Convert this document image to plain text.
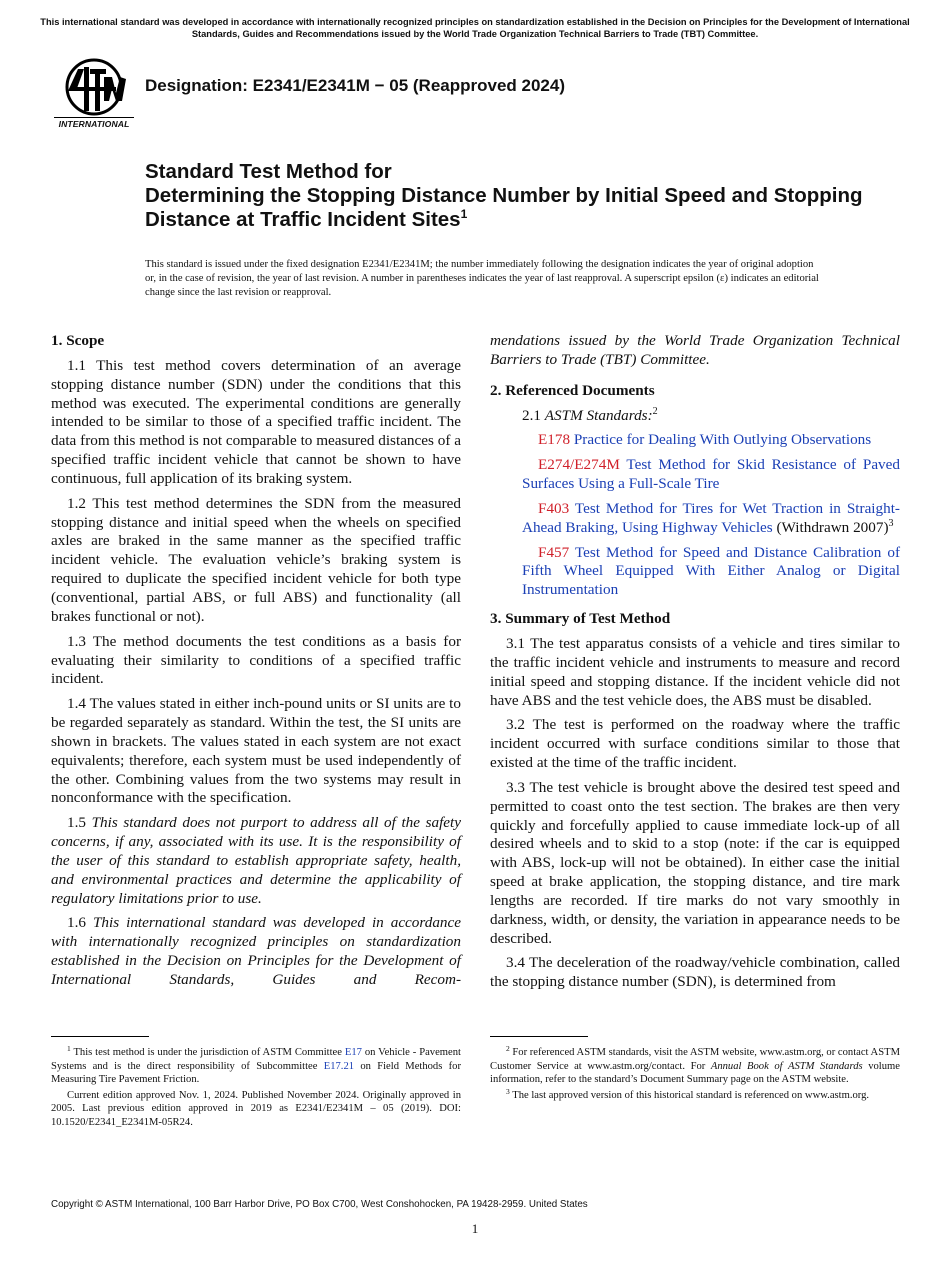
This international standard was developed in accordance with internationally recognized principles on standardization established in the Decision on Principles for the Development of International Standards, Guides and Recommendations issued by the World Trade Organization Technical Barriers to Trade (TBT) Committee.
INTERNATIONAL
Designation: E2341/E2341M − 05 (Reapproved 2024)
Standard Test Method for
Determining the Stopping Distance Number by Initial Speed and Stopping Distance at Traffic Incident Sites$^1$
This standard is issued under the fixed designation E2341/E2341M; the number immediately following the designation indicates the year of original adoption or, in the case of revision, the year of last revision. A number in parentheses indicates the year of last reapproval. A superscript epsilon (ε) indicates an editorial change since the last revision or reapproval.
1. Scope

1.1 This test method covers determination of an average stopping distance number (SDN) under the conditions that this method was executed. The experimental conditions are generally intended to be similar to those of a specified traffic incident. The data from this method is not comparable to measured distances of a specified traffic incident vehicle that cannot be shown to have continuous, full application of its braking system.

1.2 This test method determines the SDN from the measured stopping distance and initial speed when the wheels on specified axles are braked in the same manner as the specified traffic incident vehicle. The evaluation vehicle’s braking system is required to duplicate the specified incident vehicle for both type (conventional, partial ABS, or full ABS) and functionality (all brakes functional or not).

1.3 The method documents the test conditions as a basis for evaluating their similarity to conditions of a specified traffic incident.

1.4 The values stated in either inch-pound units or SI units are to be regarded separately as standard. Within the test, the SI units are shown in brackets. The values stated in each system are not exact equivalents; therefore, each system must be used independently of the other. Combining values from the two systems may result in nonconformance with the specification.

1.5 This standard does not purport to address all of the safety concerns, if any, associated with its use. It is the responsibility of the user of this standard to establish appropriate safety, health, and environmental practices and determine the applicability of regulatory limitations prior to use.

1.6 This international standard was developed in accordance with internationally recognized principles on standardization established in the Decision on Principles for the Development of International Standards, Guides and Recom-

mendations issued by the World Trade Organization Technical Barriers to Trade (TBT) Committee.

2. Referenced Documents

2.1 ASTM Standards:$^2$

E178 Practice for Dealing With Outlying Observations

E274/E274M Test Method for Skid Resistance of Paved Surfaces Using a Full-Scale Tire

F403 Test Method for Tires for Wet Traction in Straight-Ahead Braking, Using Highway Vehicles (Withdrawn 2007)$^3$

F457 Test Method for Speed and Distance Calibration of Fifth Wheel Equipped With Either Analog or Digital Instrumentation

3. Summary of Test Method

3.1 The test apparatus consists of a vehicle and tires similar to the traffic incident vehicle and instruments to measure and record initial speed and stopping distance. If the incident vehicle did not have ABS and the test vehicle does, the ABS must be disabled.

3.2 The test is performed on the roadway where the traffic incident occurred with surface conditions similar to those that existed at the time of the traffic incident.

3.3 The test vehicle is brought above the desired test speed and permitted to coast onto the test section. The brakes are then very quickly and forcefully applied to cause immediate lock-up of all desired wheels and to skid to a stop (note: if the car is equipped with ABS, lock-up will not be obtained). In either case the initial speed at brake application, the stopping distance, and tire mark lengths are recorded. If tire marks do not vary smoothly in darkness, width, or density, the variation in appearance needs to be described.

3.4 The deceleration of the roadway/vehicle combination, called the stopping distance number (SDN), is determined from

$^1$ This test method is under the jurisdiction of ASTM Committee E17 on Vehicle - Pavement Systems and is the direct responsibility of Subcommittee E17.21 on Field Methods for Measuring Tire Pavement Friction.

Current edition approved Nov. 1, 2024. Published November 2024. Originally approved in 2005. Last previous edition approved in 2019 as E2341/E2341M – 05 (2019). DOI: 10.1520/E2341_E2341M-05R24.

$^2$ For referenced ASTM standards, visit the ASTM website, www.astm.org, or contact ASTM Customer Service at www.astm.org/contact. For Annual Book of ASTM Standards volume information, refer to the standard’s Document Summary page on the ASTM website.

$^3$ The last approved version of this historical standard is referenced on www.astm.org.

Copyright © ASTM International, 100 Barr Harbor Drive, PO Box C700, West Conshohocken, PA 19428-2959. United States
1
